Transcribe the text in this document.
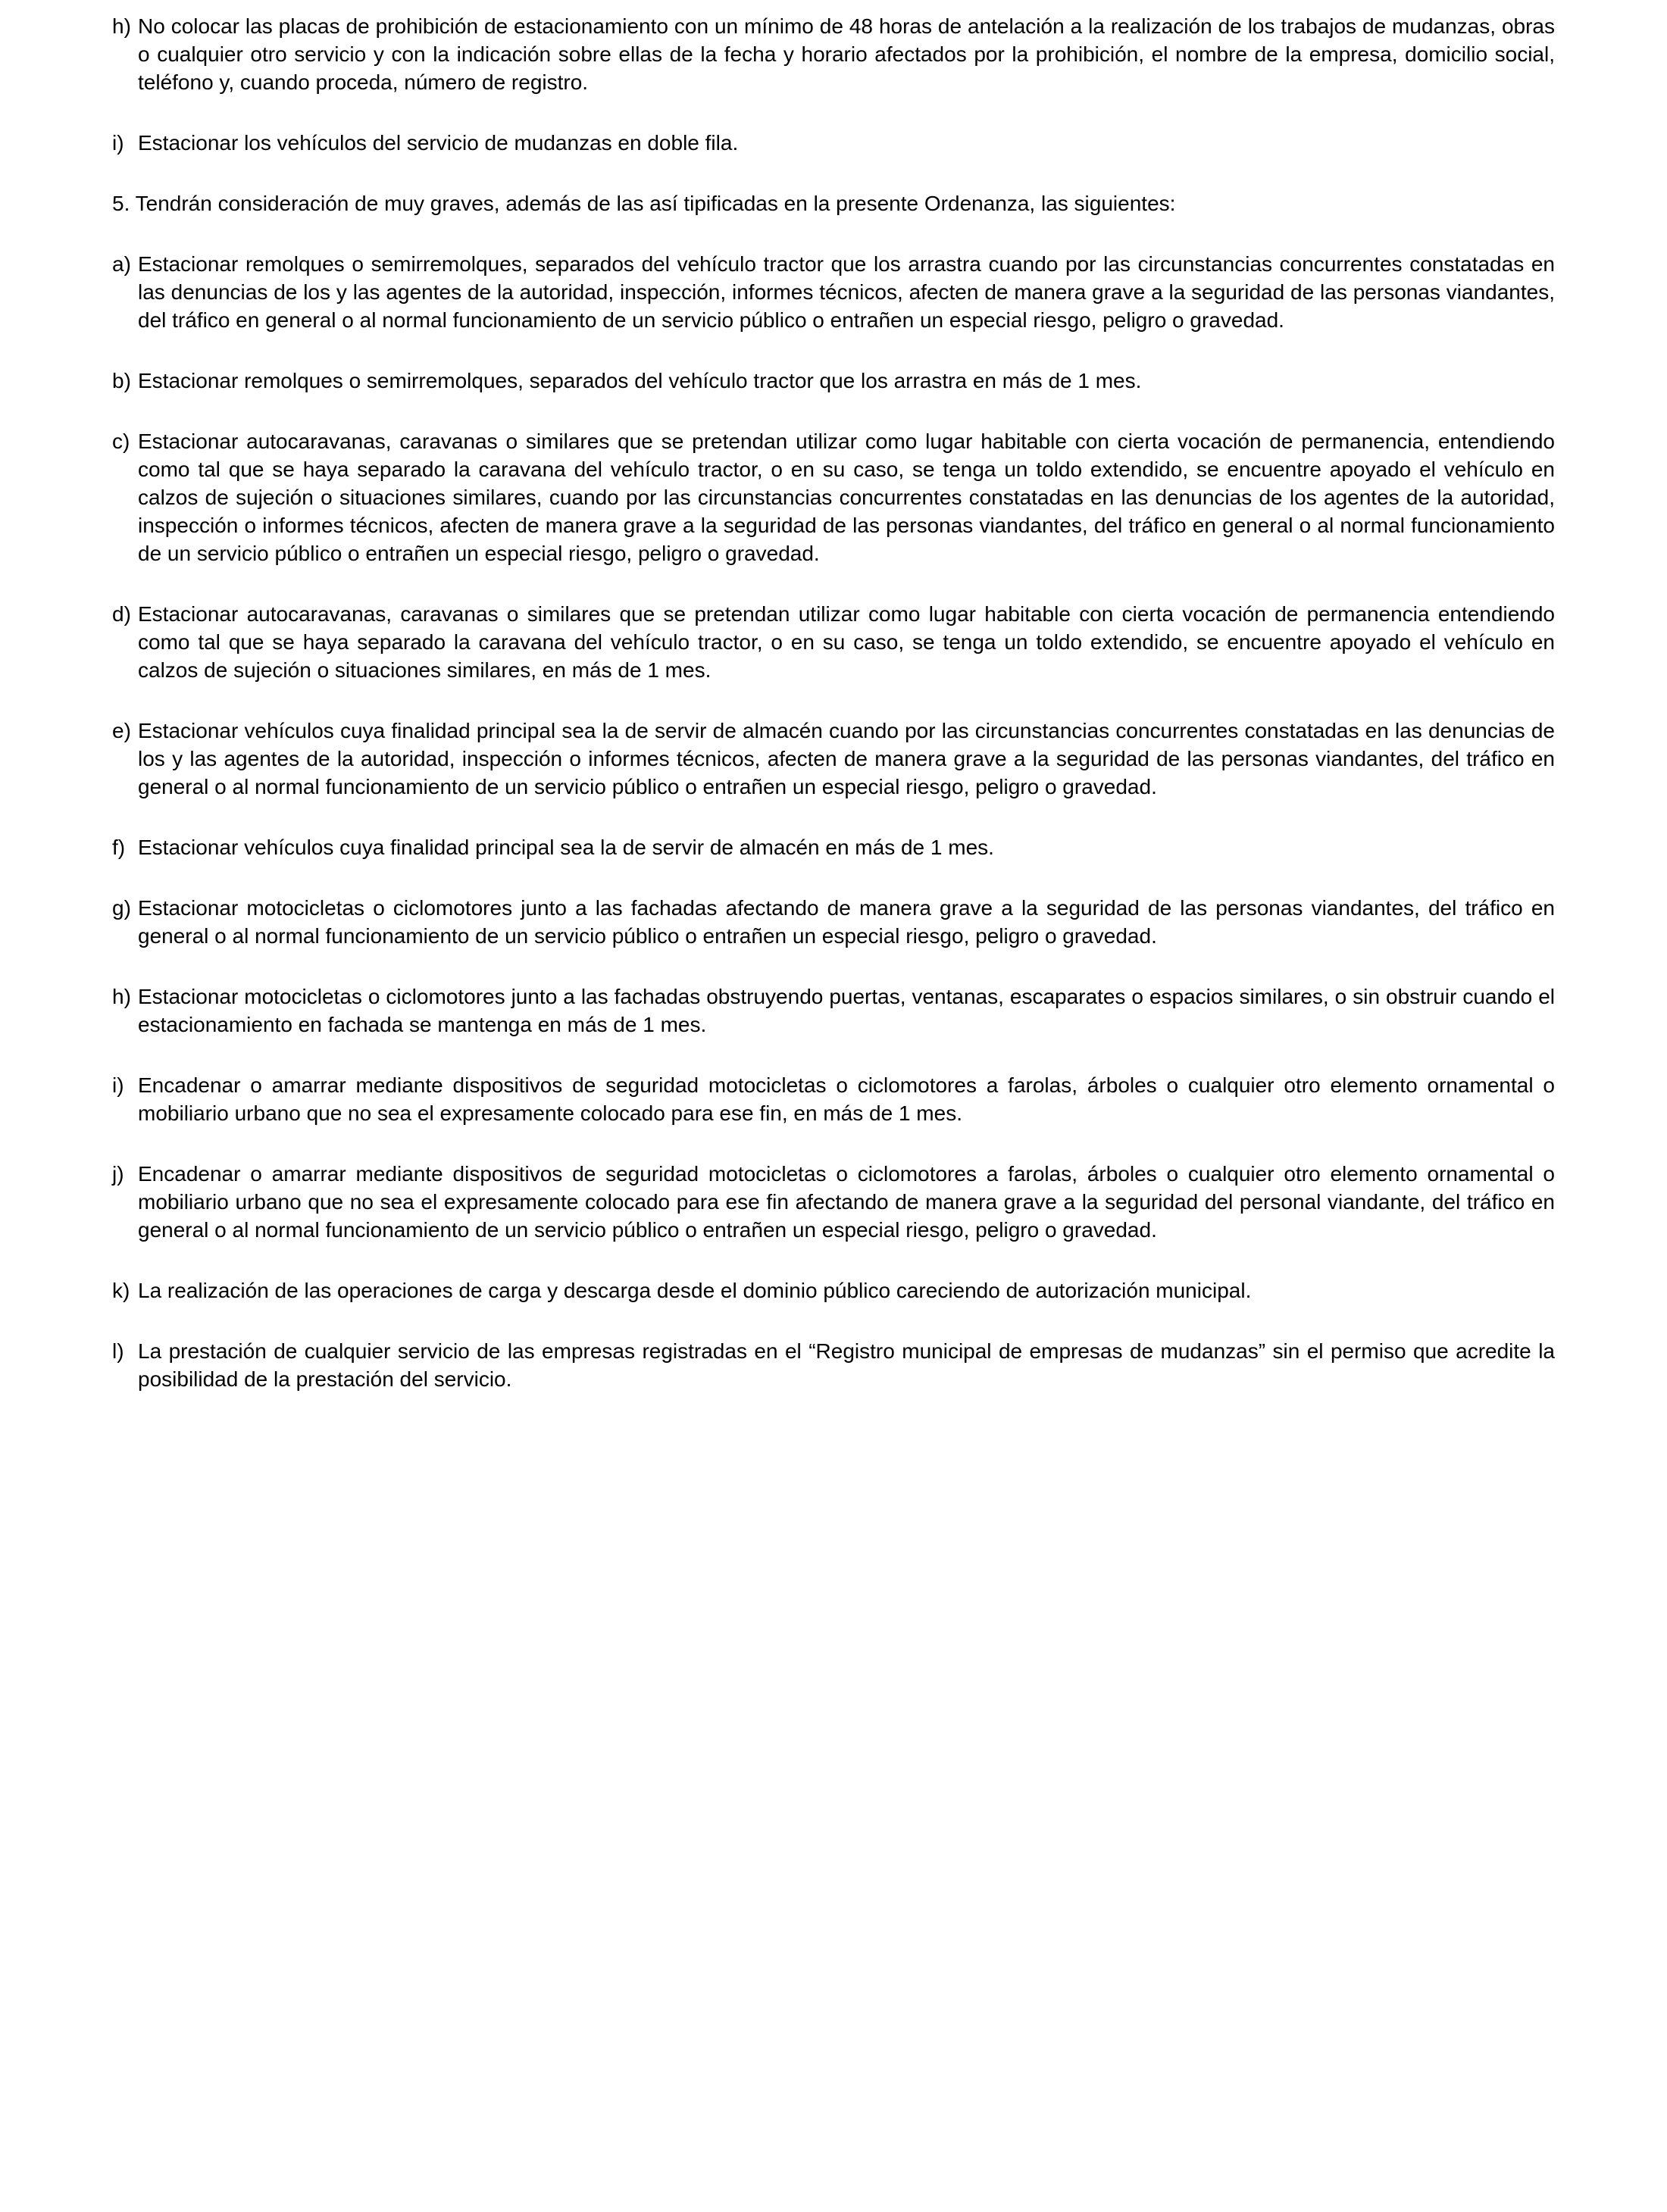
h) No colocar las placas de prohibición de estacionamiento con un mínimo de 48 horas de antelación a la realización de los trabajos de mudanzas, obras o cualquier otro servicio y con la indicación sobre ellas de la fecha y horario afectados por la prohibición, el nombre de la empresa, domicilio social, teléfono y, cuando proceda, número de registro.
i) Estacionar los vehículos del servicio de mudanzas en doble fila.
5. Tendrán consideración de muy graves, además de las así tipificadas en la presente Ordenanza, las siguientes:
a) Estacionar remolques o semirremolques, separados del vehículo tractor que los arrastra cuando por las circunstancias concurrentes constatadas en las denuncias de los y las agentes de la autoridad, inspección, informes técnicos, afecten de manera grave a la seguridad de las personas viandantes, del tráfico en general o al normal funcionamiento de un servicio público o entrañen un especial riesgo, peligro o gravedad.
b) Estacionar remolques o semirremolques, separados del vehículo tractor que los arrastra en más de 1 mes.
c) Estacionar autocaravanas, caravanas o similares que se pretendan utilizar como lugar habitable con cierta vocación de permanencia, entendiendo como tal que se haya separado la caravana del vehículo tractor, o en su caso, se tenga un toldo extendido, se encuentre apoyado el vehículo en calzos de sujeción o situaciones similares, cuando por las circunstancias concurrentes constatadas en las denuncias de los agentes de la autoridad, inspección o informes técnicos, afecten de manera grave a la seguridad de las personas viandantes, del tráfico en general o al normal funcionamiento de un servicio público o entrañen un especial riesgo, peligro o gravedad.
d) Estacionar autocaravanas, caravanas o similares que se pretendan utilizar como lugar habitable con cierta vocación de permanencia entendiendo como tal que se haya separado la caravana del vehículo tractor, o en su caso, se tenga un toldo extendido, se encuentre apoyado el vehículo en calzos de sujeción o situaciones similares, en más de 1 mes.
e) Estacionar vehículos cuya finalidad principal sea la de servir de almacén cuando por las circunstancias concurrentes constatadas en las denuncias de los y las agentes de la autoridad, inspección o informes técnicos, afecten de manera grave a la seguridad de las personas viandantes, del tráfico en general o al normal funcionamiento de un servicio público o entrañen un especial riesgo, peligro o gravedad.
f) Estacionar vehículos cuya finalidad principal sea la de servir de almacén en más de 1 mes.
g) Estacionar motocicletas o ciclomotores junto a las fachadas afectando de manera grave a la seguridad de las personas viandantes, del tráfico en general o al normal funcionamiento de un servicio público o entrañen un especial riesgo, peligro o gravedad.
h) Estacionar motocicletas o ciclomotores junto a las fachadas obstruyendo puertas, ventanas, escaparates o espacios similares, o sin obstruir cuando el estacionamiento en fachada se mantenga en más de 1 mes.
i) Encadenar o amarrar mediante dispositivos de seguridad motocicletas o ciclomotores a farolas, árboles o cualquier otro elemento ornamental o mobiliario urbano que no sea el expresamente colocado para ese fin, en más de 1 mes.
j) Encadenar o amarrar mediante dispositivos de seguridad motocicletas o ciclomotores a farolas, árboles o cualquier otro elemento ornamental o mobiliario urbano que no sea el expresamente colocado para ese fin afectando de manera grave a la seguridad del personal viandante, del tráfico en general o al normal funcionamiento de un servicio público o entrañen un especial riesgo, peligro o gravedad.
k) La realización de las operaciones de carga y descarga desde el dominio público careciendo de autorización municipal.
l) La prestación de cualquier servicio de las empresas registradas en el “Registro municipal de empresas de mudanzas” sin el permiso que acredite la posibilidad de la prestación del servicio.
